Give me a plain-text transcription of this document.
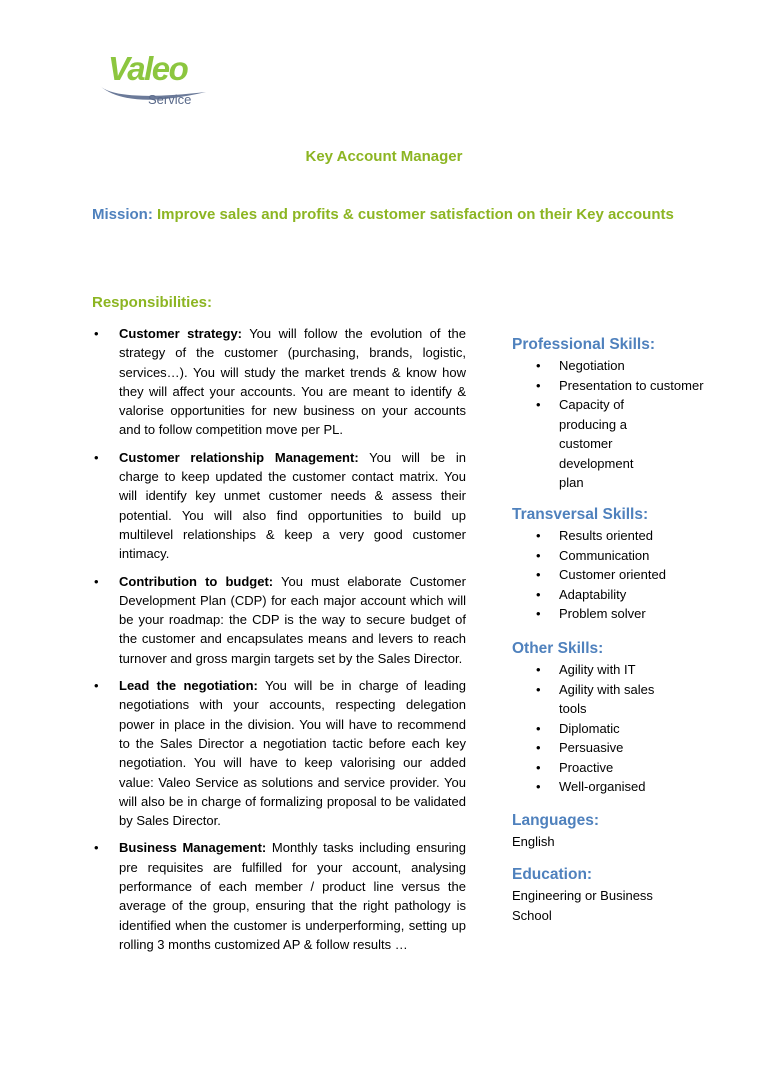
Valeo
Service
Key Account Manager
Mission: Improve sales and profits & customer satisfaction on their Key accounts
Responsibilities:
• Customer strategy: You will follow the evolution of the strategy of the customer (purchasing, brands, logistic, services…). You will study the market trends & know how they will affect your accounts. You are meant to identify & valorise opportunities for new business on your accounts and to follow competition move per PL.
• Customer relationship Management: You will be in charge to keep updated the customer contact matrix. You will identify key unmet customer needs & assess their potential. You will also find opportunities to build up multilevel relationships & keep a very good customer intimacy.
• Contribution to budget: You must elaborate Customer Development Plan (CDP) for each major account which will be your roadmap: the CDP is the way to secure budget of the customer and encapsulates means and levers to reach turnover and gross margin targets set by the Sales Director.
• Lead the negotiation: You will be in charge of leading negotiations with your accounts, respecting delegation power in place in the division. You will have to recommend to the Sales Director a negotiation tactic before each key negotiation. You will have to keep valorising our added value: Valeo Service as solutions and service provider. You will also be in charge of formalizing proposal to be validated by Sales Director.
• Business Management: Monthly tasks including ensuring pre requisites are fulfilled for your account, analysing performance of each member / product line versus the average of the group, ensuring that the right pathology is identified when the customer is underperforming, setting up rolling 3 months customized AP & follow results …
Professional Skills:
• Negotiation
• Presentation to customer
• Capacity of producing a customer development plan
Transversal Skills:
• Results oriented
• Communication
• Customer oriented
• Adaptability
• Problem solver
Other Skills:
• Agility with IT
• Agility with sales tools
• Diplomatic
• Persuasive
• Proactive
• Well-organised
Languages:

English

Education:

Engineering or Business School
